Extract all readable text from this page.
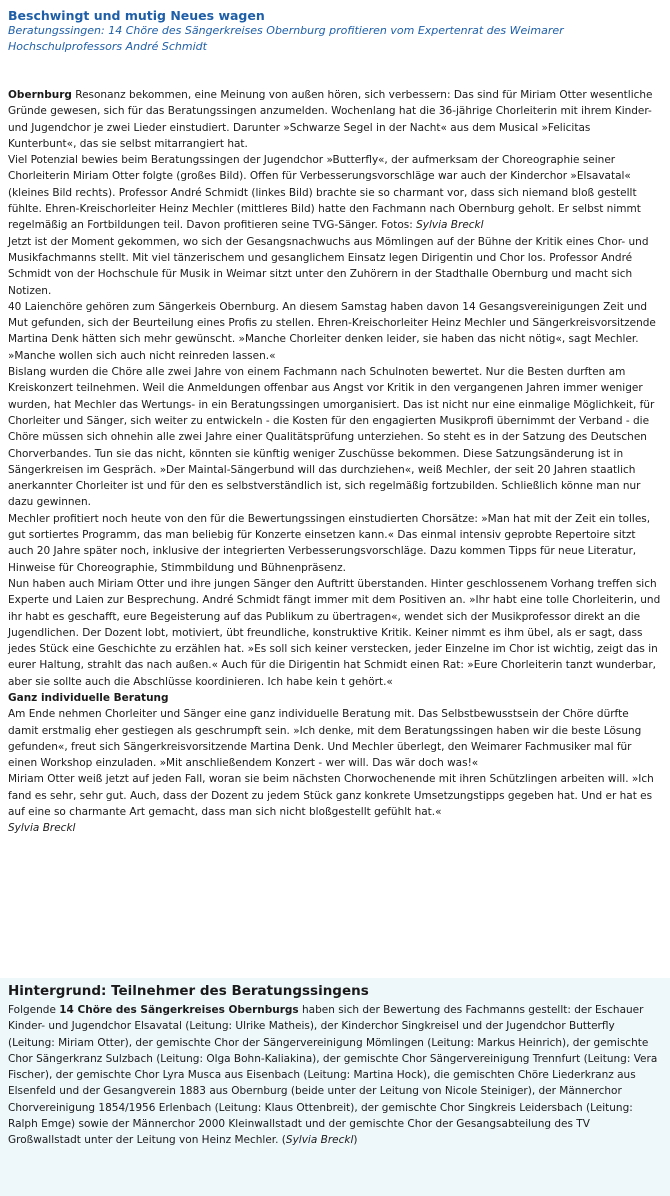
Beschwingt und mutig Neues wagen

Beratungssingen: 14 Chöre des Sängerkreises Obernburg profitieren vom Expertenrat des Weimarer Hochschulprofessors André Schmidt

Obernburg Resonanz bekommen, eine Meinung von außen hören, sich verbessern: Das sind für Miriam Otter wesentliche Gründe gewesen, sich für das Beratungssingen anzumelden. Wochenlang hat die 36-jährige Chorleiterin mit ihrem Kinder- und Jugendchor je zwei Lieder einstudiert. Darunter »Schwarze Segel in der Nacht« aus dem Musical »Felicitas Kunterbunt«, das sie selbst mitarrangiert hat.

Viel Potenzial bewies beim Beratungssingen der Jugendchor »Butterfly«, der aufmerksam der Choreographie seiner Chorleiterin Miriam Otter folgte (großes Bild). Offen für Verbesserungsvorschläge war auch der Kinderchor »Elsavatal« (kleines Bild rechts). Professor André Schmidt (linkes Bild) brachte sie so charmant vor, dass sich niemand bloß gestellt fühlte. Ehren-Kreischorleiter Heinz Mechler (mittleres Bild) hatte den Fachmann nach Obernburg geholt. Er selbst nimmt regelmäßig an Fortbildungen teil. Davon profitieren seine TVG-Sänger. Fotos: Sylvia Breckl

Jetzt ist der Moment gekommen, wo sich der Gesangsnachwuchs aus Mömlingen auf der Bühne der Kritik eines Chor- und Musikfachmanns stellt. Mit viel tänzerischem und gesanglichem Einsatz legen Dirigentin und Chor los. Professor André Schmidt von der Hochschule für Musik in Weimar sitzt unter den Zuhörern in der Stadthalle Obernburg und macht sich Notizen.

40 Laienchöre gehören zum Sängerkeis Obernburg. An diesem Samstag haben davon 14 Gesangsvereinigungen Zeit und Mut gefunden, sich der Beurteilung eines Profis zu stellen. Ehren-Kreischorleiter Heinz Mechler und Sängerkreisvorsitzende Martina Denk hätten sich mehr gewünscht. »Manche Chorleiter denken leider, sie haben das nicht nötig«, sagt Mechler. »Manche wollen sich auch nicht reinreden lassen.«

Bislang wurden die Chöre alle zwei Jahre von einem Fachmann nach Schulnoten bewertet. Nur die Besten durften am Kreiskonzert teilnehmen. Weil die Anmeldungen offenbar aus Angst vor Kritik in den vergangenen Jahren immer weniger wurden, hat Mechler das Wertungs- in ein Beratungssingen umorganisiert. Das ist nicht nur eine einmalige Möglichkeit, für Chorleiter und Sänger, sich weiter zu entwickeln - die Kosten für den engagierten Musikprofi übernimmt der Verband - die Chöre müssen sich ohnehin alle zwei Jahre einer Qualitätsprüfung unterziehen. So steht es in der Satzung des Deutschen Chorverbandes. Tun sie das nicht, könnten sie künftig weniger Zuschüsse bekommen. Diese Satzungsänderung ist in Sängerkreisen im Gespräch. »Der Maintal-Sängerbund will das durchziehen«, weiß Mechler, der seit 20 Jahren staatlich anerkannter Chorleiter ist und für den es selbstverständlich ist, sich regelmäßig fortzubilden. Schließlich könne man nur dazu gewinnen.

Mechler profitiert noch heute von den für die Bewertungssingen einstudierten Chorsätze: »Man hat mit der Zeit ein tolles, gut sortiertes Programm, das man beliebig für Konzerte einsetzen kann.« Das einmal intensiv geprobte Repertoire sitzt auch 20 Jahre später noch, inklusive der integrierten Verbesserungsvorschläge. Dazu kommen Tipps für neue Literatur, Hinweise für Choreographie, Stimmbildung und Bühnenpräsenz.

Nun haben auch Miriam Otter und ihre jungen Sänger den Auftritt überstanden. Hinter geschlossenem Vorhang treffen sich Experte und Laien zur Besprechung. André Schmidt fängt immer mit dem Positiven an. »Ihr habt eine tolle Chorleiterin, und ihr habt es geschafft, eure Begeisterung auf das Publikum zu übertragen«, wendet sich der Musikprofessor direkt an die Jugendlichen. Der Dozent lobt, motiviert, übt freundliche, konstruktive Kritik. Keiner nimmt es ihm übel, als er sagt, dass jedes Stück eine Geschichte zu erzählen hat. »Es soll sich keiner verstecken, jeder Einzelne im Chor ist wichtig, zeigt das in eurer Haltung, strahlt das nach außen.« Auch für die Dirigentin hat Schmidt einen Rat: »Eure Chorleiterin tanzt wunderbar, aber sie sollte auch die Abschlüsse koordinieren. Ich habe kein t gehört.«

Ganz individuelle Beratung

Am Ende nehmen Chorleiter und Sänger eine ganz individuelle Beratung mit. Das Selbstbewusstsein der Chöre dürfte damit erstmalig eher gestiegen als geschrumpft sein. »Ich denke, mit dem Beratungssingen haben wir die beste Lösung gefunden«, freut sich Sängerkreisvorsitzende Martina Denk. Und Mechler überlegt, den Weimarer Fachmusiker mal für einen Workshop einzuladen. »Mit anschließendem Konzert - wer will. Das wär doch was!«

Miriam Otter weiß jetzt auf jeden Fall, woran sie beim nächsten Chorwochenende mit ihren Schützlingen arbeiten will. »Ich fand es sehr, sehr gut. Auch, dass der Dozent zu jedem Stück ganz konkrete Umsetzungstipps gegeben hat. Und er hat es auf eine so charmante Art gemacht, dass man sich nicht bloßgestellt gefühlt hat.«

Sylvia Breckl

Hintergrund: Teilnehmer des Beratungssingens

Folgende 14 Chöre des Sängerkreises Obernburgs haben sich der Bewertung des Fachmanns gestellt: der Eschauer Kinder- und Jugendchor Elsavatal (Leitung: Ulrike Matheis), der Kinderchor Singkreisel und der Jugendchor Butterfly (Leitung: Miriam Otter), der gemischte Chor der Sängervereinigung Mömlingen (Leitung: Markus Heinrich), der gemischte Chor Sängerkranz Sulzbach (Leitung: Olga Bohn-Kaliakina), der gemischte Chor Sängervereinigung Trennfurt (Leitung: Vera Fischer), der gemischte Chor Lyra Musca aus Eisenbach (Leitung: Martina Hock), die gemischten Chöre Liederkranz aus Elsenfeld und der Gesangverein 1883 aus Obernburg (beide unter der Leitung von Nicole Steiniger), der Männerchor Chorvereinigung 1854/1956 Erlenbach (Leitung: Klaus Ottenbreit), der gemischte Chor Singkreis Leidersbach (Leitung: Ralph Emge) sowie der Männerchor 2000 Kleinwallstadt und der gemischte Chor der Gesangsabteilung des TV Großwallstadt unter der Leitung von Heinz Mechler. (Sylvia Breckl)
